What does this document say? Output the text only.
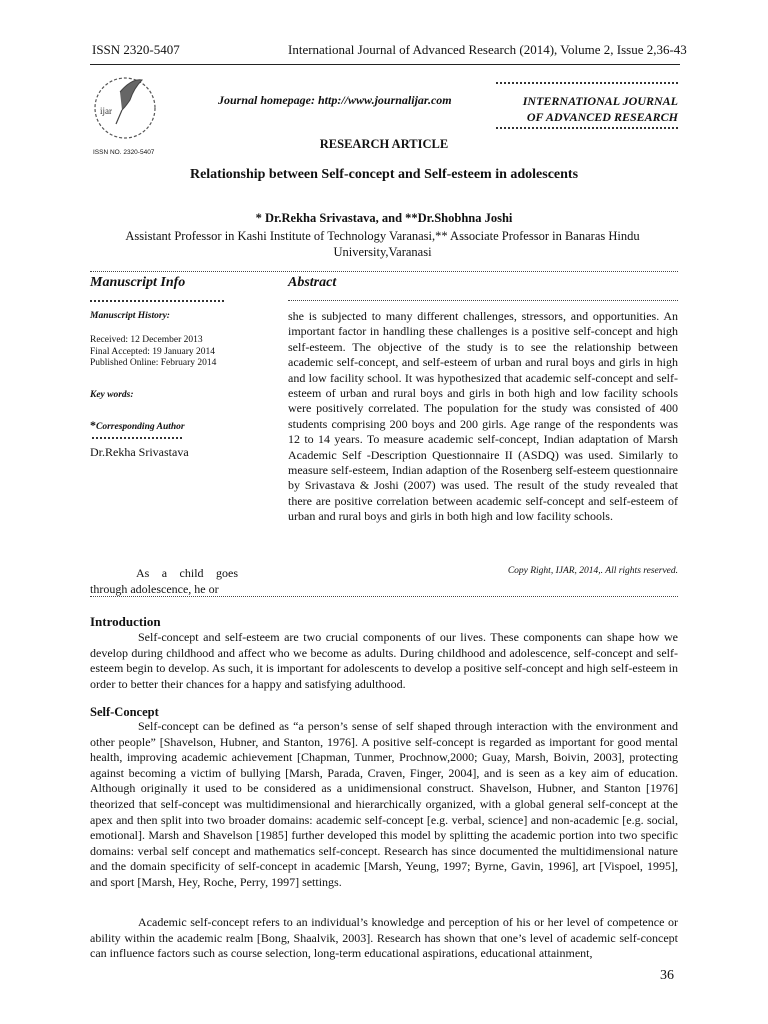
ISSN 2320-5407	International Journal of Advanced Research (2014), Volume 2, Issue 2,36-43
ijar
ISSN NO. 2320-5407
Journal homepage: http://www.journalijar.com	INTERNATIONAL JOURNAL
OF ADVANCED RESEARCH
RESEARCH ARTICLE
Relationship between Self-concept and Self-esteem in adolescents
* Dr.Rekha Srivastava, and **Dr.Shobhna Joshi
Assistant Professor in Kashi Institute of Technology Varanasi,** Associate Professor in Banaras Hindu University,Varanasi
Manuscript Info
Manuscript History:
Received: 12 December 2013
Final Accepted: 19 January 2014
Published Online: February 2014
Key words:
*Corresponding Author
Dr.Rekha Srivastava
Abstract
she is subjected to many different challenges, stressors, and opportunities. An important factor in handling these challenges is a positive self-concept and high self-esteem. The objective of the study is to see the relationship between academic self-concept, and self-esteem of urban and rural boys and girls in high and low facility school. It was hypothesized that academic self-concept and self-esteem of urban and rural boys and girls in both high and low facility schools were positively correlated. The population for the study was consisted of 400 students comprising 200 boys and 200 girls. Age range of the respondents was 12 to 14 years. To measure academic self-concept, Indian adaptation of Marsh Academic Self -Description Questionnaire II (ASDQ) was used. Similarly to measure self-esteem, Indian adaption of the Rosenberg self-esteem questionnaire by Srivastava & Joshi (2007) was used. The result of the study revealed that there are positive correlation between academic self-concept and self-esteem of urban and rural boys and girls in both high and low facility schools.
Copy Right, IJAR, 2014,. All rights reserved.
As a child goes through adolescence, he or
Introduction
Self-concept and self-esteem are two crucial components of our lives. These components can shape how we develop during childhood and affect who we become as adults. During childhood and adolescence, self-concept and self-esteem begin to develop. As such, it is important for adolescents to develop a positive self-concept and high self-esteem in order to better their chances for a happy and satisfying adulthood.
Self-Concept
Self-concept can be defined as “a person’s sense of self shaped through interaction with the environment and other people” [Shavelson, Hubner, and Stanton, 1976]. A positive self-concept is regarded as important for good mental health, improving academic achievement [Chapman, Tunmer, Prochnow,2000; Guay, Marsh, Boivin, 2003], protecting against becoming a victim of bullying [Marsh, Parada, Craven, Finger, 2004], and is seen as a key aim of education. Although originally it used to be considered as a unidimensional construct. Shavelson, Hubner, and Stanton [1976] theorized that self-concept was multidimensional and hierarchically organized, with a global general self-concept at the apex and then split into two broader domains: academic self-concept [e.g. verbal, science] and non-academic [e.g. social, emotional]. Marsh and Shavelson [1985] further developed this model by splitting the academic portion into two specific domains: verbal self concept and mathematics self-concept. Research has since documented the multidimensional nature and the domain specificity of self-concept in academic [Marsh, Yeung, 1997; Byrne, Gavin, 1996], art [Vispoel, 1995], and sport [Marsh, Hey, Roche, Perry, 1997] settings.
Academic self-concept refers to an individual’s knowledge and perception of his or her level of competence or ability within the academic realm [Bong, Shaalvik, 2003]. Research has shown that one’s level of academic self-concept can influence factors such as course selection, long-term educational aspirations, educational attainment,
36
